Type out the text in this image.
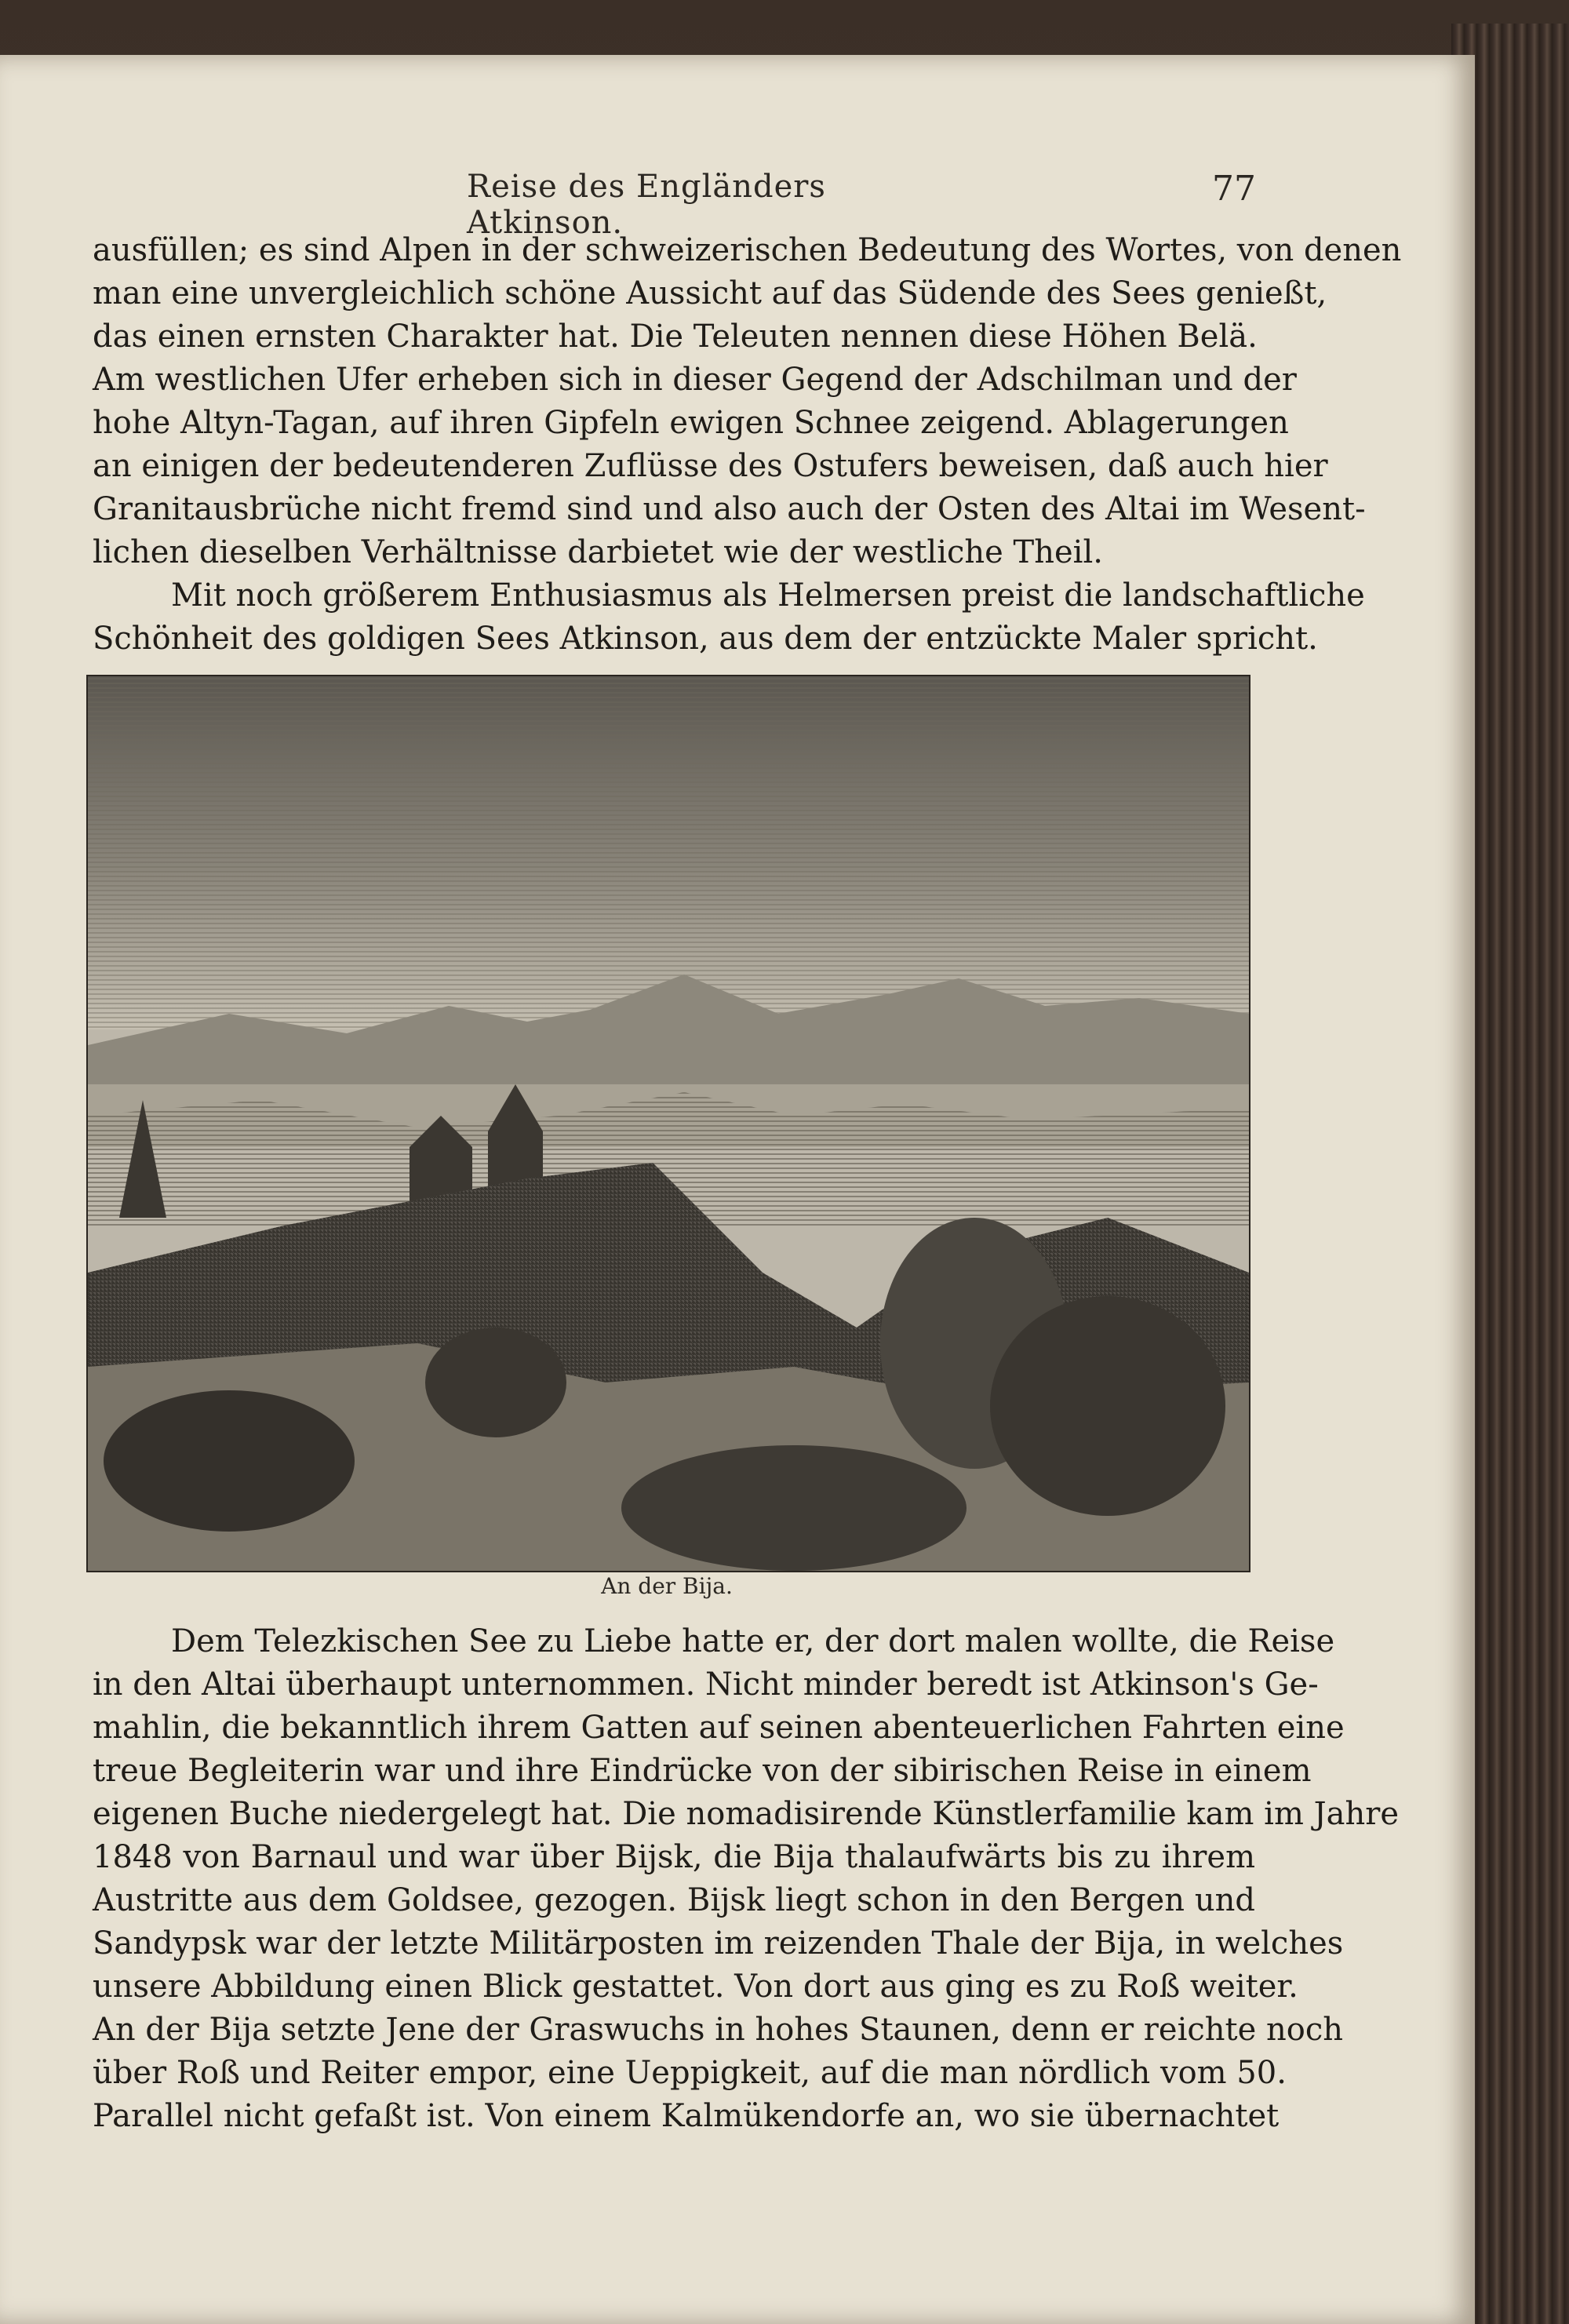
Reise des Engländers Atkinson.
77

ausfüllen; es sind Alpen in der schweizerischen Bedeutung des Wortes, von denen
man eine unvergleichlich schöne Aussicht auf das Südende des Sees genießt,
das einen ernsten Charakter hat. Die Teleuten nennen diese Höhen Belä.
Am westlichen Ufer erheben sich in dieser Gegend der Adschilman und der
hohe Altyn-Tagan, auf ihren Gipfeln ewigen Schnee zeigend. Ablagerungen
an einigen der bedeutenderen Zuflüsse des Ostufers beweisen, daß auch hier
Granitausbrüche nicht fremd sind und also auch der Osten des Altai im Wesent-
lichen dieselben Verhältnisse darbietet wie der westliche Theil.

Mit noch größerem Enthusiasmus als Helmersen preist die landschaftliche
Schönheit des goldigen Sees Atkinson, aus dem der entzückte Maler spricht.

An der Bija.

Dem Telezkischen See zu Liebe hatte er, der dort malen wollte, die Reise
in den Altai überhaupt unternommen. Nicht minder beredt ist Atkinson's Ge-
mahlin, die bekanntlich ihrem Gatten auf seinen abenteuerlichen Fahrten eine
treue Begleiterin war und ihre Eindrücke von der sibirischen Reise in einem
eigenen Buche niedergelegt hat. Die nomadisirende Künstlerfamilie kam im Jahre
1848 von Barnaul und war über Bijsk, die Bija thalaufwärts bis zu ihrem
Austritte aus dem Goldsee, gezogen. Bijsk liegt schon in den Bergen und
Sandypsk war der letzte Militärposten im reizenden Thale der Bija, in welches
unsere Abbildung einen Blick gestattet. Von dort aus ging es zu Roß weiter.
An der Bija setzte Jene der Graswuchs in hohes Staunen, denn er reichte noch
über Roß und Reiter empor, eine Ueppigkeit, auf die man nördlich vom 50.
Parallel nicht gefaßt ist. Von einem Kalmükendorfe an, wo sie übernachtet
